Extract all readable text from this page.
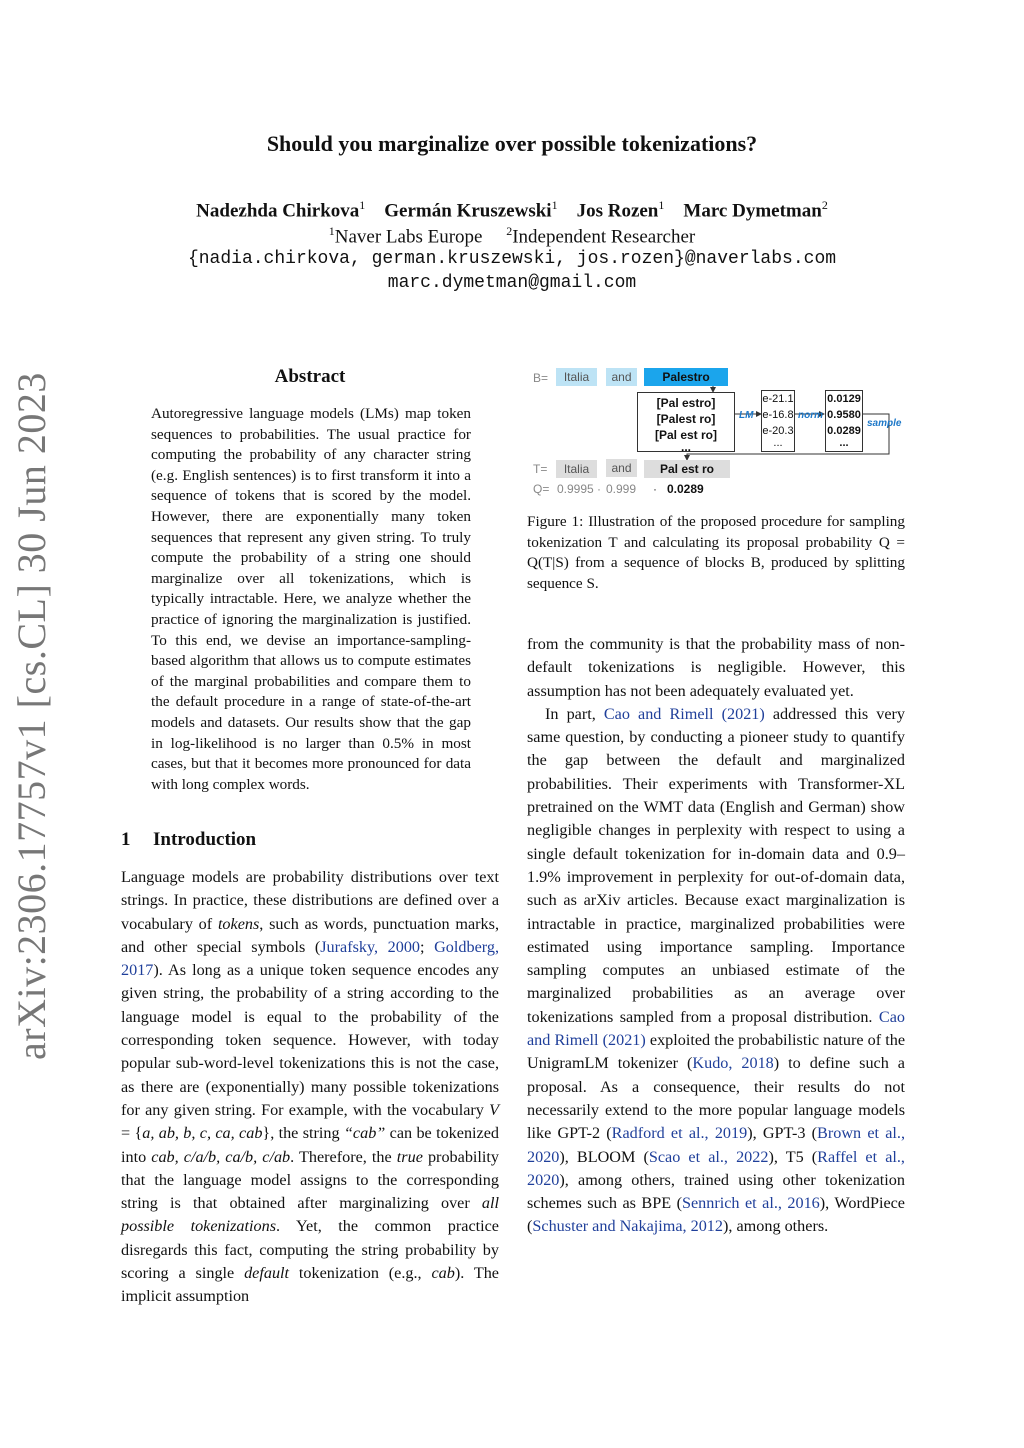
arXiv:2306.17757v1 [cs.CL] 30 Jun 2023
Should you marginalize over possible tokenizations?
Nadezhda Chirkova$^1$ Germán Kruszewski$^1$ Jos Rozen$^1$ Marc Dymetman$^2$
$^1$Naver Labs Europe $^2$Independent Researcher
{nadia.chirkova, german.kruszewski, jos.rozen}@naverlabs.com
marc.dymetman@gmail.com
Abstract
Autoregressive language models (LMs) map token sequences to probabilities. The usual practice for computing the probability of any character string (e.g. English sentences) is to first transform it into a sequence of tokens that is scored by the model. However, there are exponentially many token sequences that represent any given string. To truly compute the probability of a string one should marginalize over all tokenizations, which is typically intractable. Here, we analyze whether the practice of ignoring the marginalization is justified. To this end, we devise an importance-sampling-based algorithm that allows us to compute estimates of the marginal probabilities and compare them to the default procedure in a range of state-of-the-art models and datasets. Our results show that the gap in log-likelihood is no larger than 0.5% in most cases, but that it becomes more pronounced for data with long complex words.
1 Introduction
B=	Italia	and	Palestro
[Pal estro]
[Palest ro]
[Pal est ro]
...
LM
e-21.1
e-16.8
e-20.3
...
norm
0.0129
0.9580
0.0289
...
sample
T=	Italia	and	Pal est ro
Q= 0.9995 · 0.999 · 0.0289
Figure 1: Illustration of the proposed procedure for sampling tokenization T and calculating its proposal probability Q = Q(T|S) from a sequence of blocks B, produced by splitting sequence S.

Language models are probability distributions over text strings. In practice, these distributions are defined over a vocabulary of tokens, such as words, punctuation marks, and other special symbols (Jurafsky, 2000; Goldberg, 2017). As long as a unique token sequence encodes any given string, the probability of a string according to the language model is equal to the probability of the corresponding token sequence. However, with today popular sub-word-level tokenizations this is not the case, as there are (exponentially) many possible tokenizations for any given string. For example, with the vocabulary V = {a, ab, b, c, ca, cab}, the string “cab” can be tokenized into cab, c/a/b, ca/b, c/ab. Therefore, the true probability that the language model assigns to the corresponding string is that obtained after marginalizing over all possible tokenizations. Yet, the common practice disregards this fact, computing the string probability by scoring a single default tokenization (e.g., cab). The implicit assumption

from the community is that the probability mass of non-default tokenizations is negligible. However, this assumption has not been adequately evaluated yet.

In part, Cao and Rimell (2021) addressed this very same question, by conducting a pioneer study to quantify the gap between the default and marginalized probabilities. Their experiments with Transformer-XL pretrained on the WMT data (English and German) show negligible changes in perplexity with respect to using a single default tokenization for in-domain data and 0.9–1.9% improvement in perplexity for out-of-domain data, such as arXiv articles. Because exact marginalization is intractable in practice, marginalized probabilities were estimated using importance sampling. Importance sampling computes an unbiased estimate of the marginalized probabilities as an average over tokenizations sampled from a proposal distribution. Cao and Rimell (2021) exploited the probabilistic nature of the UnigramLM tokenizer (Kudo, 2018) to define such a proposal. As a consequence, their results do not necessarily extend to the more popular language models like GPT-2 (Radford et al., 2019), GPT-3 (Brown et al., 2020), BLOOM (Scao et al., 2022), T5 (Raffel et al., 2020), among others, trained using other tokenization schemes such as BPE (Sennrich et al., 2016), WordPiece (Schuster and Nakajima, 2012), among others.
